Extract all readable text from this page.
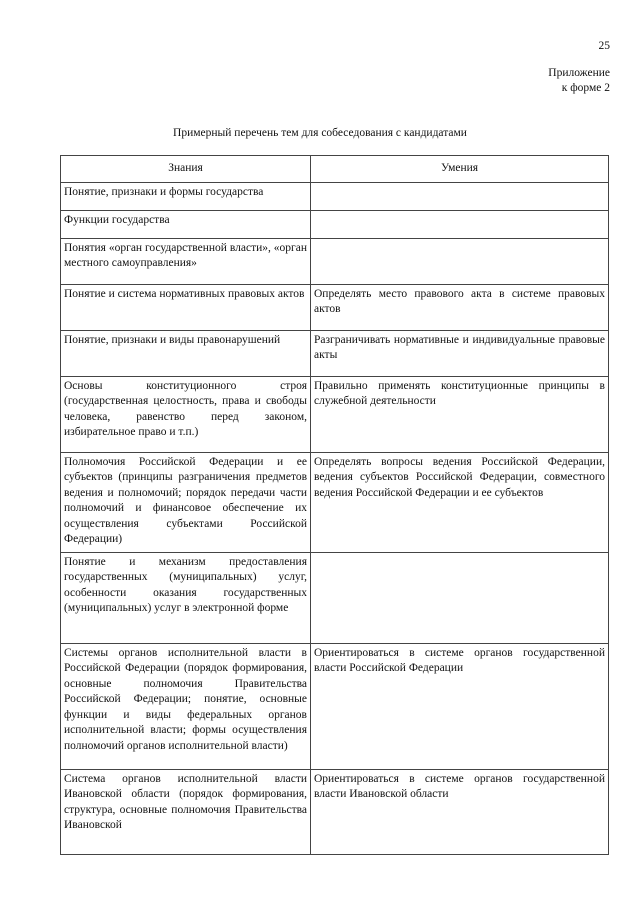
25
Приложение
к форме 2
Примерный перечень тем для собеседования с кандидатами
Знания	Умения
Понятие, признаки и формы государства	
Функции государства	
Понятия «орган государственной власти», «орган местного самоуправления»	
Понятие и система нормативных правовых актов	Определять место правового акта в системе правовых актов
Понятие, признаки и виды правонарушений	Разграничивать нормативные и индивидуальные правовые акты
Основы конституционного строя (государственная целостность, права и свободы человека, равенство перед законом, избирательное право и т.п.)	Правильно применять конституционные принципы в служебной деятельности
Полномочия Российской Федерации и ее субъектов (принципы разграничения предметов ведения и полномочий; порядок передачи части полномочий и финансовое обеспечение их осуществления субъектами Российской Федерации)	Определять вопросы ведения Российской Федерации, ведения субъектов Российской Федерации, совместного ведения Российской Федерации и ее субъектов
Понятие и механизм предоставления государственных (муниципальных) услуг, особенности оказания государственных (муниципальных) услуг в электронной форме	
Системы органов исполнительной власти в Российской Федерации (порядок формирования, основные полномочия Правительства Российской Федерации; понятие, основные функции и виды федеральных органов исполнительной власти; формы осуществления полномочий органов исполнительной власти)	Ориентироваться в системе органов государственной власти Российской Федерации
Система органов исполнительной власти Ивановской области (порядок формирования, структура, основные полномочия Правительства Ивановской	Ориентироваться в системе органов государственной власти Ивановской области
